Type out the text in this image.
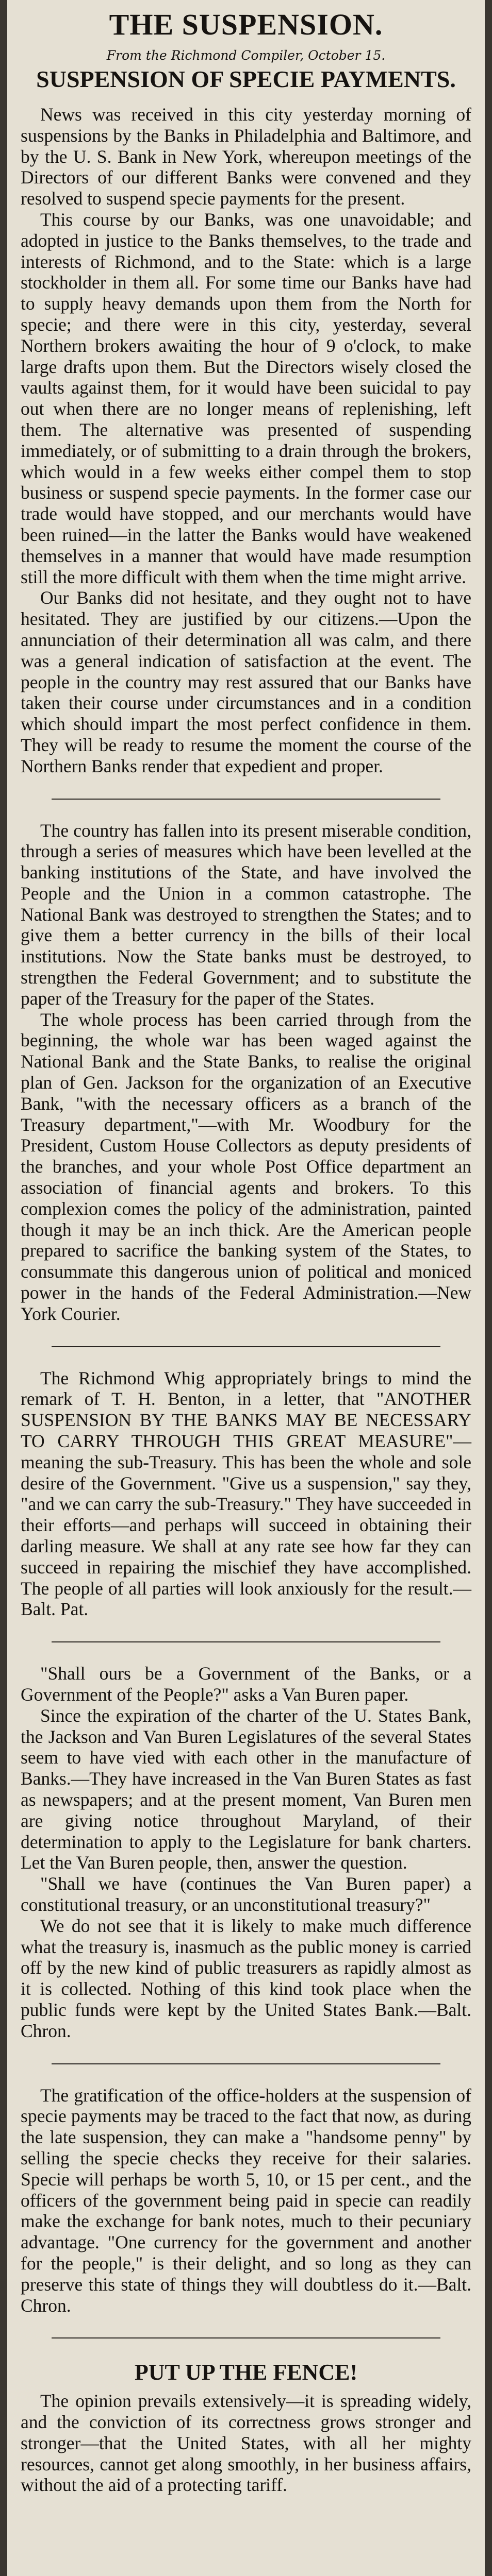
THE SUSPENSION.
From the Richmond Compiler, October 15.
SUSPENSION OF SPECIE PAYMENTS.

News was received in this city yesterday morning of suspensions by the Banks in Philadelphia and Baltimore, and by the U. S. Bank in New York, whereupon meetings of the Directors of our different Banks were convened and they resolved to suspend specie payments for the present.

This course by our Banks, was one unavoidable; and adopted in justice to the Banks themselves, to the trade and interests of Richmond, and to the State: which is a large stockholder in them all. For some time our Banks have had to supply heavy demands upon them from the North for specie; and there were in this city, yesterday, several Northern brokers awaiting the hour of 9 o'clock, to make large drafts upon them. But the Directors wisely closed the vaults against them, for it would have been suicidal to pay out when there are no longer means of replenishing, left them. The alternative was presented of suspending immediately, or of submitting to a drain through the brokers, which would in a few weeks either compel them to stop business or suspend specie payments. In the former case our trade would have stopped, and our merchants would have been ruined—in the latter the Banks would have weakened themselves in a manner that would have made resumption still the more difficult with them when the time might arrive.

Our Banks did not hesitate, and they ought not to have hesitated. They are justified by our citizens.—Upon the annunciation of their determination all was calm, and there was a general indication of satisfaction at the event. The people in the country may rest assured that our Banks have taken their course under circumstances and in a condition which should impart the most perfect confidence in them. They will be ready to resume the moment the course of the Northern Banks render that expedient and proper.

The country has fallen into its present miserable condition, through a series of measures which have been levelled at the banking institutions of the State, and have involved the People and the Union in a common catastrophe. The National Bank was destroyed to strengthen the States; and to give them a better currency in the bills of their local institutions. Now the State banks must be destroyed, to strengthen the Federal Government; and to substitute the paper of the Treasury for the paper of the States.

The whole process has been carried through from the beginning, the whole war has been waged against the National Bank and the State Banks, to realise the original plan of Gen. Jackson for the organization of an Executive Bank, "with the necessary officers as a branch of the Treasury department,"—with Mr. Woodbury for the President, Custom House Collectors as deputy presidents of the branches, and your whole Post Office department an association of financial agents and brokers. To this complexion comes the policy of the administration, painted though it may be an inch thick. Are the American people prepared to sacrifice the banking system of the States, to consummate this dangerous union of political and moniced power in the hands of the Federal Administration.—New York Courier.

The Richmond Whig appropriately brings to mind the remark of T. H. Benton, in a letter, that "ANOTHER SUSPENSION BY THE BANKS MAY BE NECESSARY TO CARRY THROUGH THIS GREAT MEASURE"—meaning the sub-Treasury. This has been the whole and sole desire of the Government. "Give us a suspension," say they, "and we can carry the sub-Treasury." They have succeeded in their efforts—and perhaps will succeed in obtaining their darling measure. We shall at any rate see how far they can succeed in repairing the mischief they have accomplished. The people of all parties will look anxiously for the result.—Balt. Pat.

"Shall ours be a Government of the Banks, or a Government of the People?" asks a Van Buren paper.

Since the expiration of the charter of the U. States Bank, the Jackson and Van Buren Legislatures of the several States seem to have vied with each other in the manufacture of Banks.—They have increased in the Van Buren States as fast as newspapers; and at the present moment, Van Buren men are giving notice throughout Maryland, of their determination to apply to the Legislature for bank charters. Let the Van Buren people, then, answer the question.

"Shall we have (continues the Van Buren paper) a constitutional treasury, or an unconstitutional treasury?"

We do not see that it is likely to make much difference what the treasury is, inasmuch as the public money is carried off by the new kind of public treasurers as rapidly almost as it is collected. Nothing of this kind took place when the public funds were kept by the United States Bank.—Balt. Chron.

The gratification of the office-holders at the suspension of specie payments may be traced to the fact that now, as during the late suspension, they can make a "handsome penny" by selling the specie checks they receive for their salaries. Specie will perhaps be worth 5, 10, or 15 per cent., and the officers of the government being paid in specie can readily make the exchange for bank notes, much to their pecuniary advantage. "One currency for the government and another for the people," is their delight, and so long as they can preserve this state of things they will doubtless do it.—Balt. Chron.

PUT UP THE FENCE!

The opinion prevails extensively—it is spreading widely, and the conviction of its correctness grows stronger and stronger—that the United States, with all her mighty resources, cannot get along smoothly, in her business affairs, without the aid of a protecting tariff.
